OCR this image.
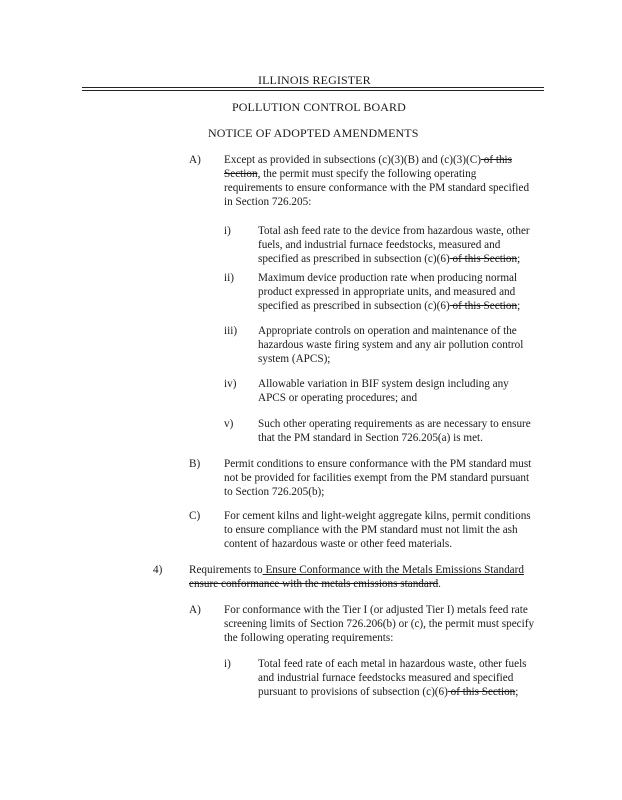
ILLINOIS REGISTER
POLLUTION CONTROL BOARD
NOTICE OF ADOPTED AMENDMENTS
A) Except as provided in subsections (c)(3)(B) and (c)(3)(C) of this
Section, the permit must specify the following operating
requirements to ensure conformance with the PM standard specified
in Section 726.205:
i) Total ash feed rate to the device from hazardous waste, other
fuels, and industrial furnace feedstocks, measured and
specified as prescribed in subsection (c)(6) of this Section;
ii) Maximum device production rate when producing normal
product expressed in appropriate units, and measured and
specified as prescribed in subsection (c)(6) of this Section;
iii) Appropriate controls on operation and maintenance of the
hazardous waste firing system and any air pollution control
system (APCS);
iv) Allowable variation in BIF system design including any
APCS or operating procedures; and
v) Such other operating requirements as are necessary to ensure
that the PM standard in Section 726.205(a) is met.
B) Permit conditions to ensure conformance with the PM standard must
not be provided for facilities exempt from the PM standard pursuant
to Section 726.205(b);
C) For cement kilns and light-weight aggregate kilns, permit conditions
to ensure compliance with the PM standard must not limit the ash
content of hazardous waste or other feed materials.
4) Requirements to Ensure Conformance with the Metals Emissions Standard
ensure conformance with the metals emissions standard.
A) For conformance with the Tier I (or adjusted Tier I) metals feed rate
screening limits of Section 726.206(b) or (c), the permit must specify
the following operating requirements:
i) Total feed rate of each metal in hazardous waste, other fuels
and industrial furnace feedstocks measured and specified
pursuant to provisions of subsection (c)(6) of this Section;
